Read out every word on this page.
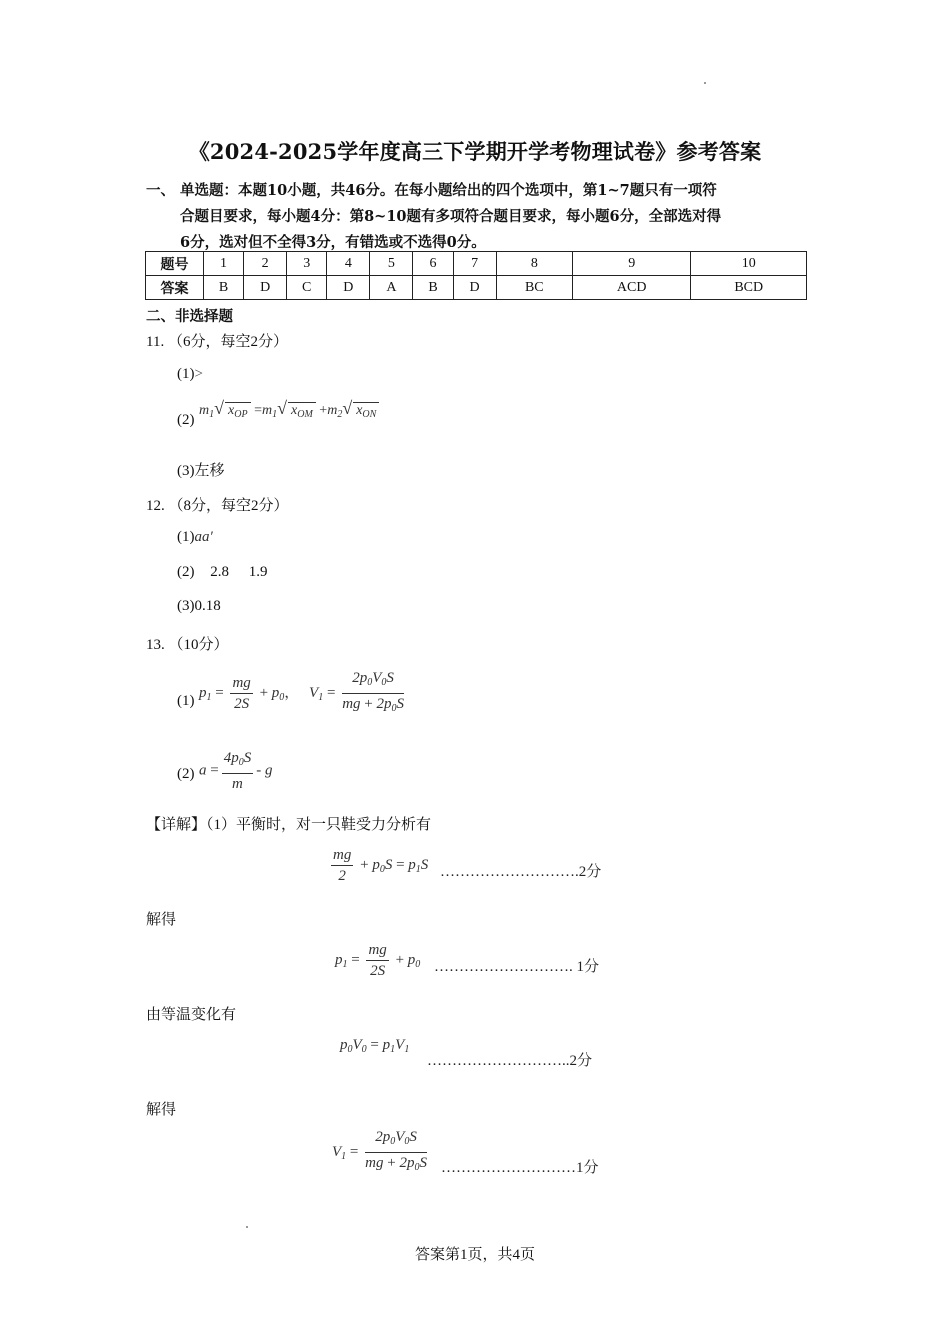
《2024-2025学年度高三下学期开学考物理试卷》参考答案
一、 单选题：本题10小题，共46分。在每小题给出的四个选项中，第1~7题只有一项符
合题目要求，每小题4分：第8~10题有多项符合题目要求，每小题6分，全部选对得
6分，选对但不全得3分，有错选或不选得0分。
题号	1	2	3	4	5	6	7	8	9	10
答案	B	D	C	D	A	B	D	BC	ACD	BCD
二、非选择题
11. （6分，每空2分）
(1)>
(2)
$m_1√$ $x_{OP} =m_1√$ $x_{OM} +m_2√$ $x_{ON}$
(3)左移
12. （8分，每空2分）
(1)aa′
(2) 2.8 1.9
(3)0.18
13. （10分）
(1)
$p_1 = \frac{mg}{2S} + p_0$， $V_1 = \frac{2p_0V_0S}{mg + 2p_0S}$
(2) $a = \frac{4p_0S}{m} - g$
【详解】（1）平衡时，对一只鞋受力分析有
$\frac{mg}{2} + p_0S = p_1S$ ……………………….2分
解得
$p_1 = \frac{mg}{2S} + p_0$ ………………………. 1分
由等温变化有
$p_0V_0 = p_1V_1$
………………………..2分
解得
$V_1 = \frac{2p_0V_0S}{mg + 2p_0S}$ ………………………1分
答案第1页，共4页
